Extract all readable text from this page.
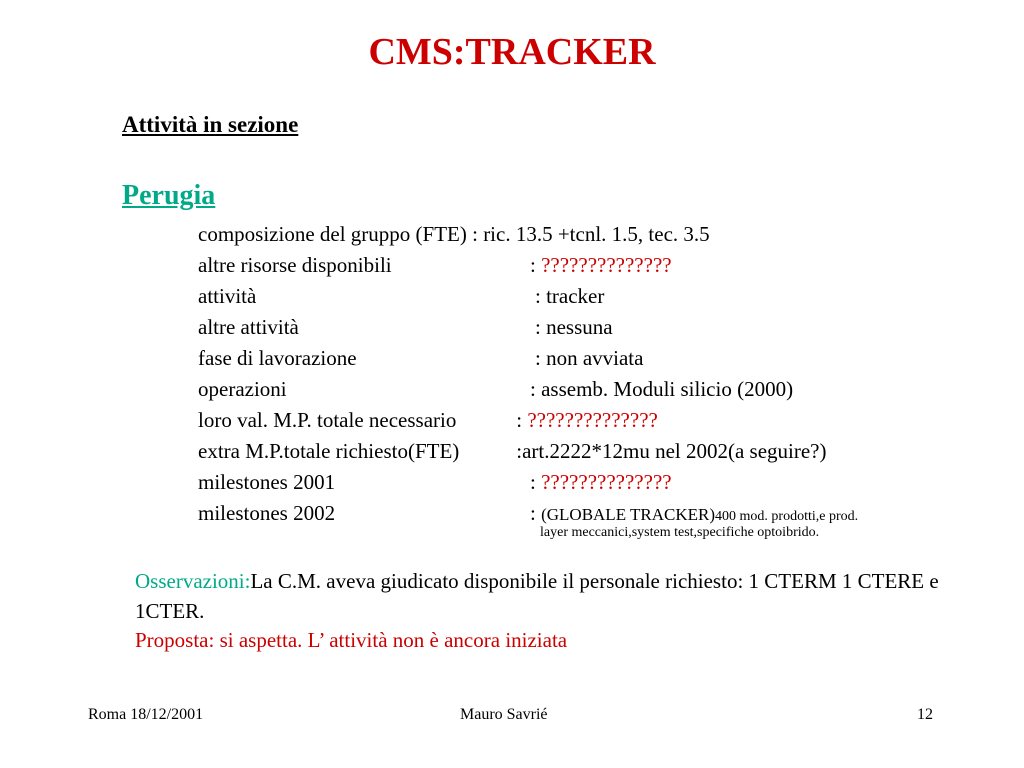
CMS:TRACKER
Attività in sezione
Perugia
composizione del gruppo (FTE) : ric. 13.5 +tcnl. 1.5, tec. 3.5
altre risorse disponibili	: ??????????????
attività	: tracker
altre attività	: nessuna
fase di lavorazione	: non avviata
operazioni	: assemb. Moduli silicio (2000)
loro val. M.P. totale necessario	: ??????????????
extra M.P.totale richiesto(FTE) :art.2222*12mu nel 2002(a seguire?)
milestones 2001	: ??????????????
milestones 2002	: (GLOBALE TRACKER)400 mod. prodotti,e prod.
layer meccanici,system test,specifiche optoibrido.

Osservazioni:La C.M. aveva giudicato disponibile il personale richiesto: 1 CTERM 1 CTERE e 1CTER.

Proposta: si aspetta. L’ attività non è ancora iniziata

Roma 18/12/2001	Mauro Savrié	12
